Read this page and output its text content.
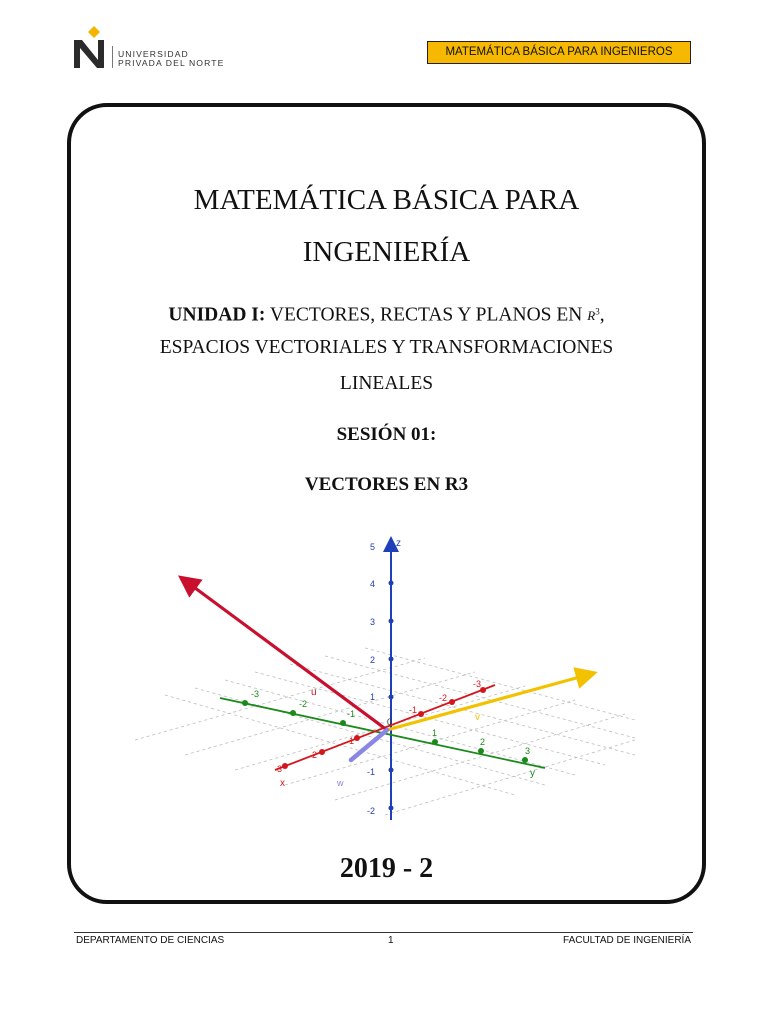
UNIVERSIDAD
PRIVADA DEL NORTE
MATEMÁTICA BÁSICA PARA INGENIEROS
MATEMÁTICA BÁSICA PARA
INGENIERÍA
UNIDAD I: VECTORES, RECTAS Y PLANOS EN $R^3$,
ESPACIOS VECTORIALES Y TRANSFORMACIONES
LINEALES
SESIÓN 01:
VECTORES EN R3
z
5
4
3
2
1
-1
-2
y
-3
-2
-1
1
2
3
x
-3
-2
-1
1
2
3
0
u
v
w
2019 - 2
DEPARTAMENTO DE CIENCIAS	1	FACULTAD DE INGENIERÍA
